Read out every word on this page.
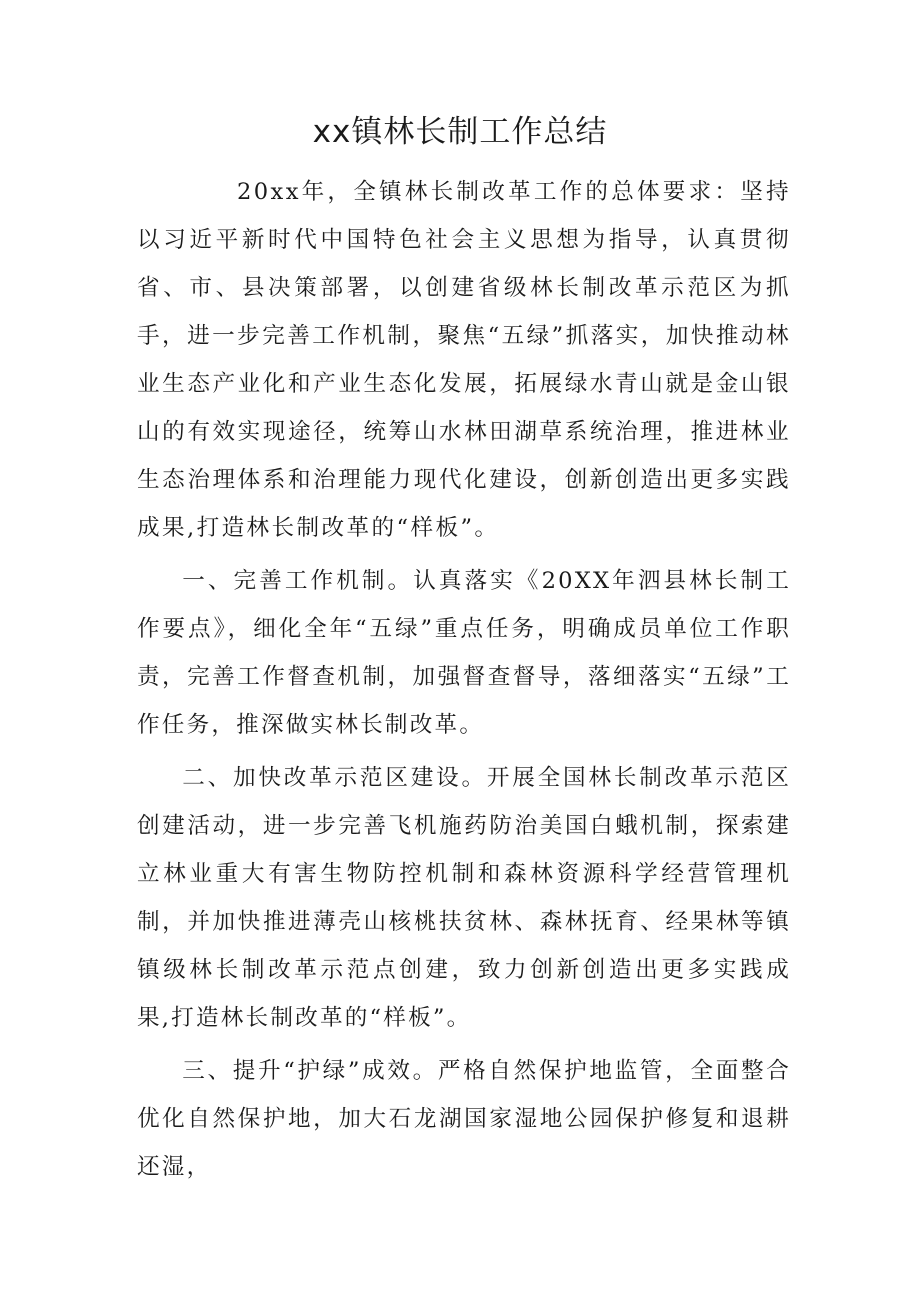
xx镇林长制工作总结

20xx年，全镇林长制改革工作的总体要求：坚持以习近平新时代中国特色社会主义思想为指导，认真贯彻省、市、县决策部署，以创建省级林长制改革示范区为抓手，进一步完善工作机制，聚焦“五绿”抓落实，加快推动林业生态产业化和产业生态化发展，拓展绿水青山就是金山银山的有效实现途径，统筹山水林田湖草系统治理，推进林业生态治理体系和治理能力现代化建设，创新创造出更多实践成果,打造林长制改革的“样板”。

一、完善工作机制。认真落实《20XX年泗县林长制工作要点》，细化全年“五绿”重点任务，明确成员单位工作职责，完善工作督查机制，加强督查督导，落细落实“五绿”工作任务，推深做实林长制改革。

二、加快改革示范区建设。开展全国林长制改革示范区创建活动，进一步完善飞机施药防治美国白蛾机制，探索建立林业重大有害生物防控机制和森林资源科学经营管理机制，并加快推进薄壳山核桃扶贫林、森林抚育、经果林等镇镇级林长制改革示范点创建，致力创新创造出更多实践成果,打造林长制改革的“样板”。

三、提升“护绿”成效。严格自然保护地监管，全面整合优化自然保护地，加大石龙湖国家湿地公园保护修复和退耕还湿，
